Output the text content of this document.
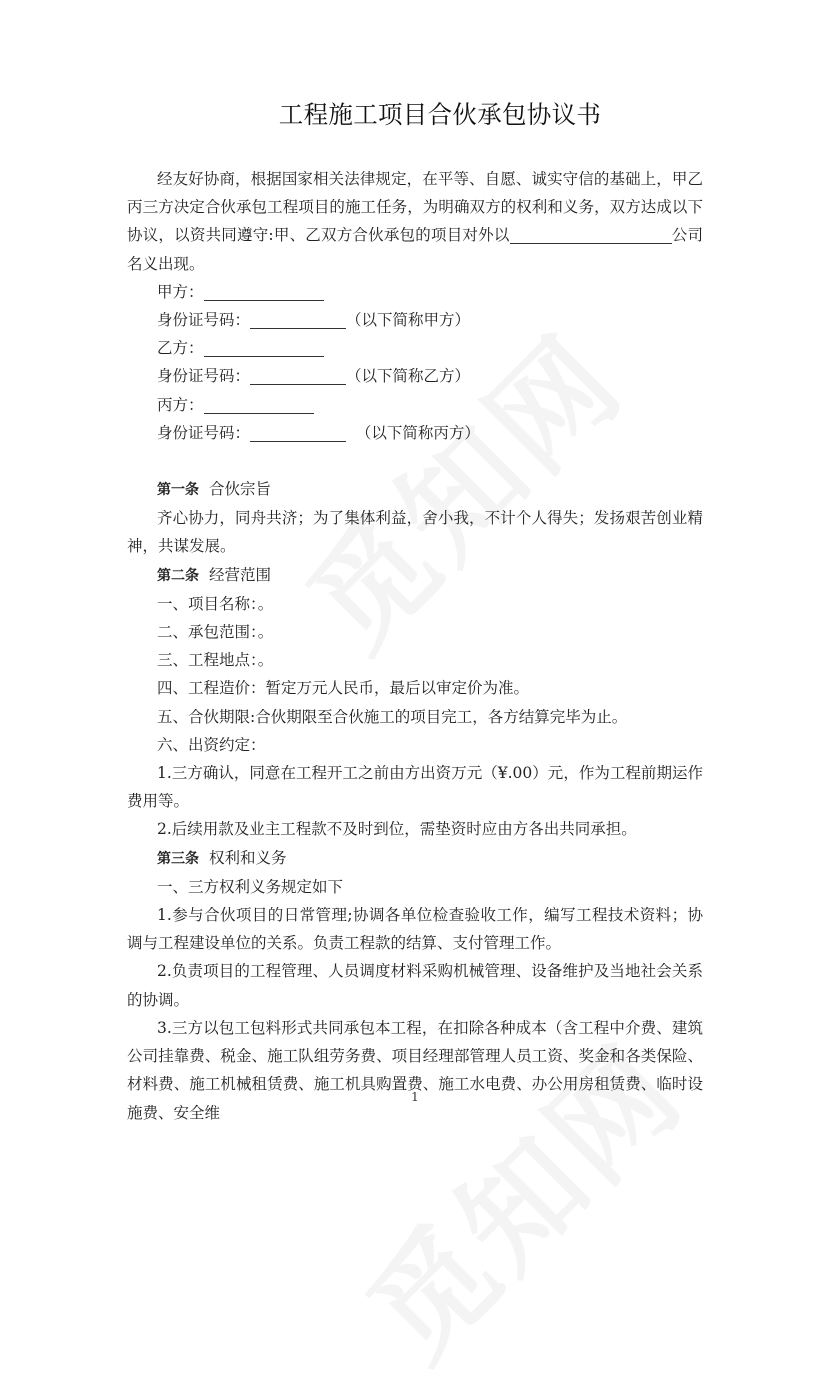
工程施工项目合伙承包协议书

经友好协商，根据国家相关法律规定，在平等、自愿、诚实守信的基础上，甲乙丙三方决定合伙承包工程项目的施工任务，为明确双方的权利和义务，双方达成以下协议，以资共同遵守:甲、乙双方合伙承包的项目对外以	公司名义出现。

甲方：

身份证号码：	（以下简称甲方）

乙方：

身份证号码：	（以下简称乙方）

丙方：

身份证号码：	（以下简称丙方）

第一条 合伙宗旨

齐心协力，同舟共济；为了集体利益，舍小我，不计个人得失；发扬艰苦创业精神，共谋发展。

第二条 经营范围

一、项目名称：。

二、承包范围：。

三、工程地点：。

四、工程造价：暂定万元人民币，最后以审定价为准。

五、合伙期限:合伙期限至合伙施工的项目完工，各方结算完毕为止。

六、出资约定：

1.三方确认，同意在工程开工之前由方出资万元（¥.00）元，作为工程前期运作费用等。

2.后续用款及业主工程款不及时到位，需垫资时应由方各出共同承担。

第三条 权利和义务

一、三方权利义务规定如下

1.参与合伙项目的日常管理;协调各单位检查验收工作，编写工程技术资料；协调与工程建设单位的关系。负责工程款的结算、支付管理工作。

2.负责项目的工程管理、人员调度材料采购机械管理、设备维护及当地社会关系的协调。

3.三方以包工包料形式共同承包本工程，在扣除各种成本（含工程中介费、建筑公司挂靠费、税金、施工队组劳务费、项目经理部管理人员工资、奖金和各类保险、材料费、施工机械租赁费、施工机具购置费、施工水电费、办公用房租赁费、临时设施费、安全维

1
